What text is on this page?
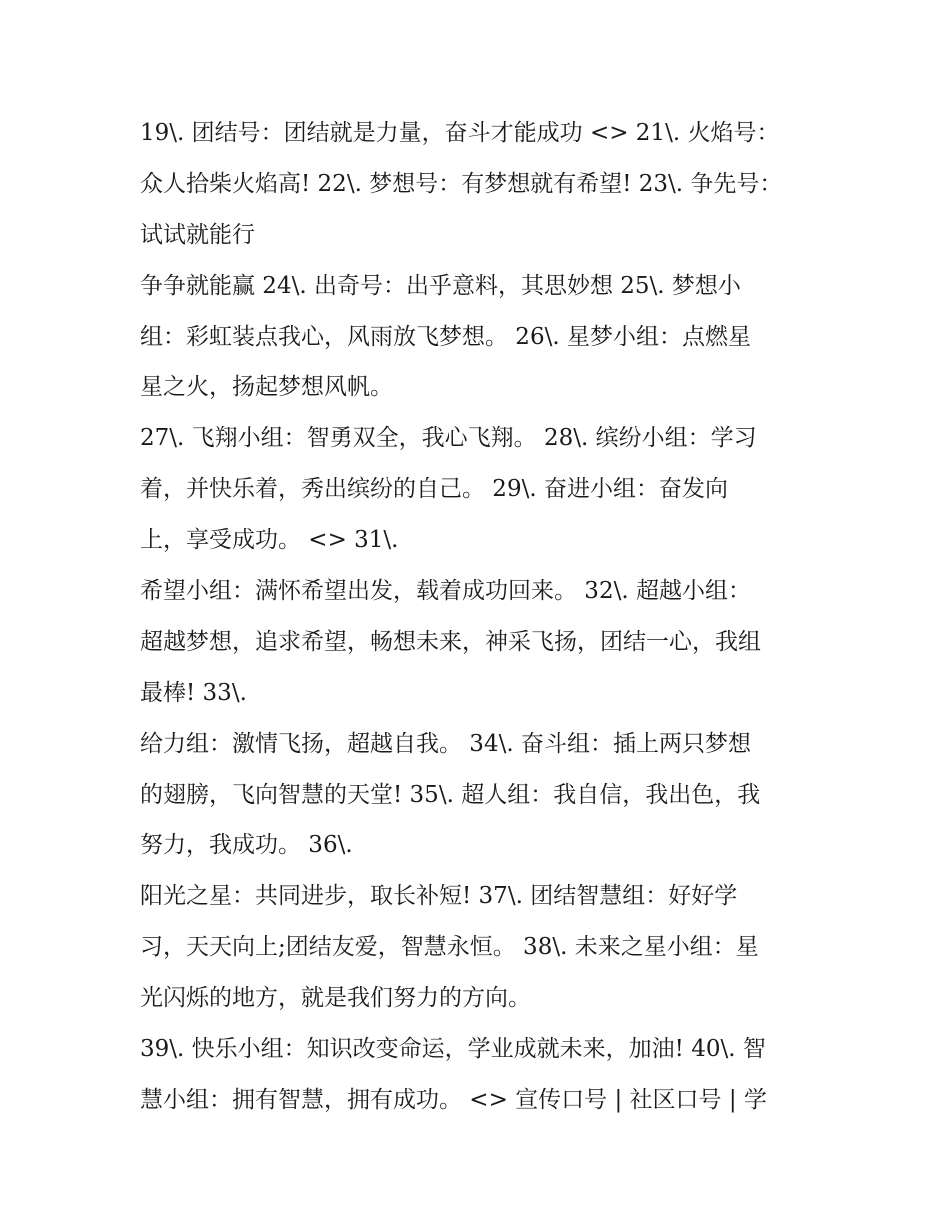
19\. 团结号：团结就是力量，奋斗才能成功 <> 21\. 火焰号：
众人拾柴火焰高! 22\. 梦想号：有梦想就有希望! 23\. 争先号：
试试就能行
争争就能赢 24\. 出奇号：出乎意料，其思妙想 25\. 梦想小
组：彩虹装点我心，风雨放飞梦想。 26\. 星梦小组：点燃星
星之火，扬起梦想风帆。
27\. 飞翔小组：智勇双全，我心飞翔。 28\. 缤纷小组：学习
着，并快乐着，秀出缤纷的自己。 29\. 奋进小组：奋发向
上，享受成功。 <> 31\.
希望小组：满怀希望出发，载着成功回来。 32\. 超越小组：
超越梦想，追求希望，畅想未来，神采飞扬，团结一心，我组
最棒! 33\.
给力组：激情飞扬，超越自我。 34\. 奋斗组：插上两只梦想
的翅膀，飞向智慧的天堂! 35\. 超人组：我自信，我出色，我
努力，我成功。 36\.
阳光之星：共同进步，取长补短! 37\. 团结智慧组：好好学
习，天天向上;团结友爱，智慧永恒。 38\. 未来之星小组：星
光闪烁的地方，就是我们努力的方向。
39\. 快乐小组：知识改变命运，学业成就未来，加油! 40\. 智
慧小组：拥有智慧，拥有成功。 <> 宣传口号 | 社区口号 | 学
